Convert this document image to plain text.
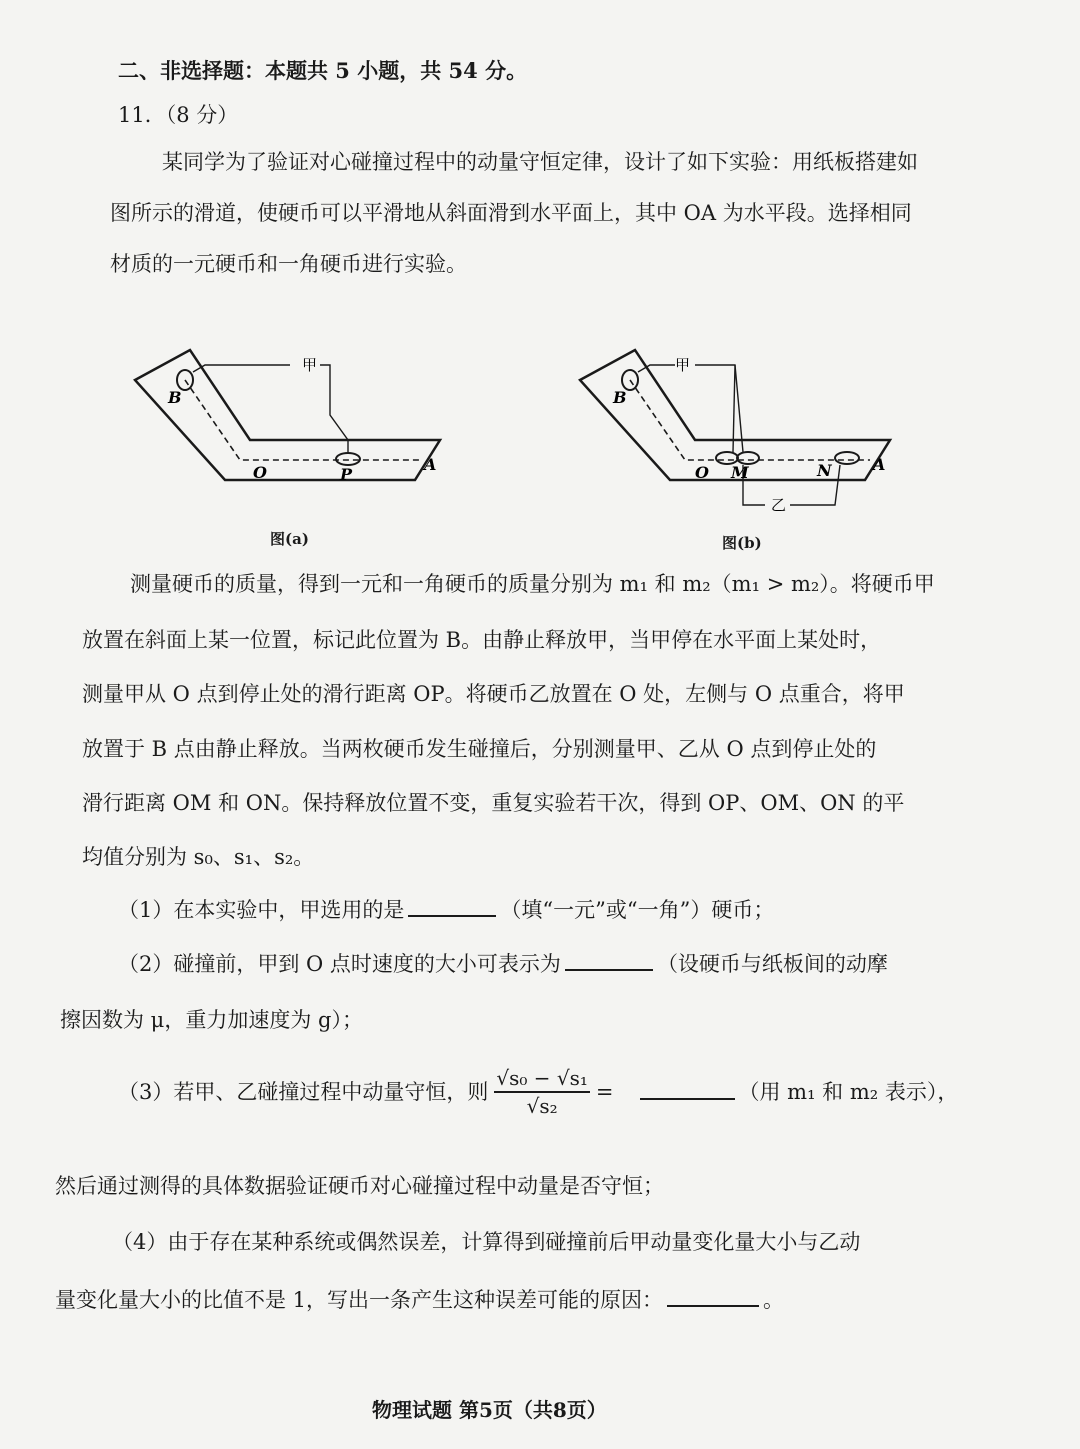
二、非选择题：本题共 5 小题，共 54 分。
11．（8 分）
某同学为了验证对心碰撞过程中的动量守恒定律，设计了如下实验：用纸板搭建如
图所示的滑道，使硬币可以平滑地从斜面滑到水平面上，其中 OA 为水平段。选择相同
材质的一元硬币和一角硬币进行实验。
甲
B
O	P
A
图(a)
甲
B
O M	N	A
乙
图(b)
测量硬币的质量，得到一元和一角硬币的质量分别为 m₁ 和 m₂（m₁ > m₂）。将硬币甲
放置在斜面上某一位置，标记此位置为 B。由静止释放甲，当甲停在水平面上某处时，
测量甲从 O 点到停止处的滑行距离 OP。将硬币乙放置在 O 处，左侧与 O 点重合，将甲
放置于 B 点由静止释放。当两枚硬币发生碰撞后，分别测量甲、乙从 O 点到停止处的
滑行距离 OM 和 ON。保持释放位置不变，重复实验若干次，得到 OP、OM、ON 的平
均值分别为 s₀、s₁、s₂。
（1）在本实验中，甲选用的是	（填“一元”或“一角”）硬币；
（2）碰撞前，甲到 O 点时速度的大小可表示为	（设硬币与纸板间的动摩
擦因数为 μ，重力加速度为 g）；
（3）若甲、乙碰撞过程中动量守恒，则 $\frac{\text{√s₀ − √s₁}}{\text{√s₂}}$ =	（用 m₁ 和 m₂ 表示），
然后通过测得的具体数据验证硬币对心碰撞过程中动量是否守恒；
（4）由于存在某种系统或偶然误差，计算得到碰撞前后甲动量变化量大小与乙动
量变化量大小的比值不是 1，写出一条产生这种误差可能的原因：	。
物理试题 第5页（共8页）
